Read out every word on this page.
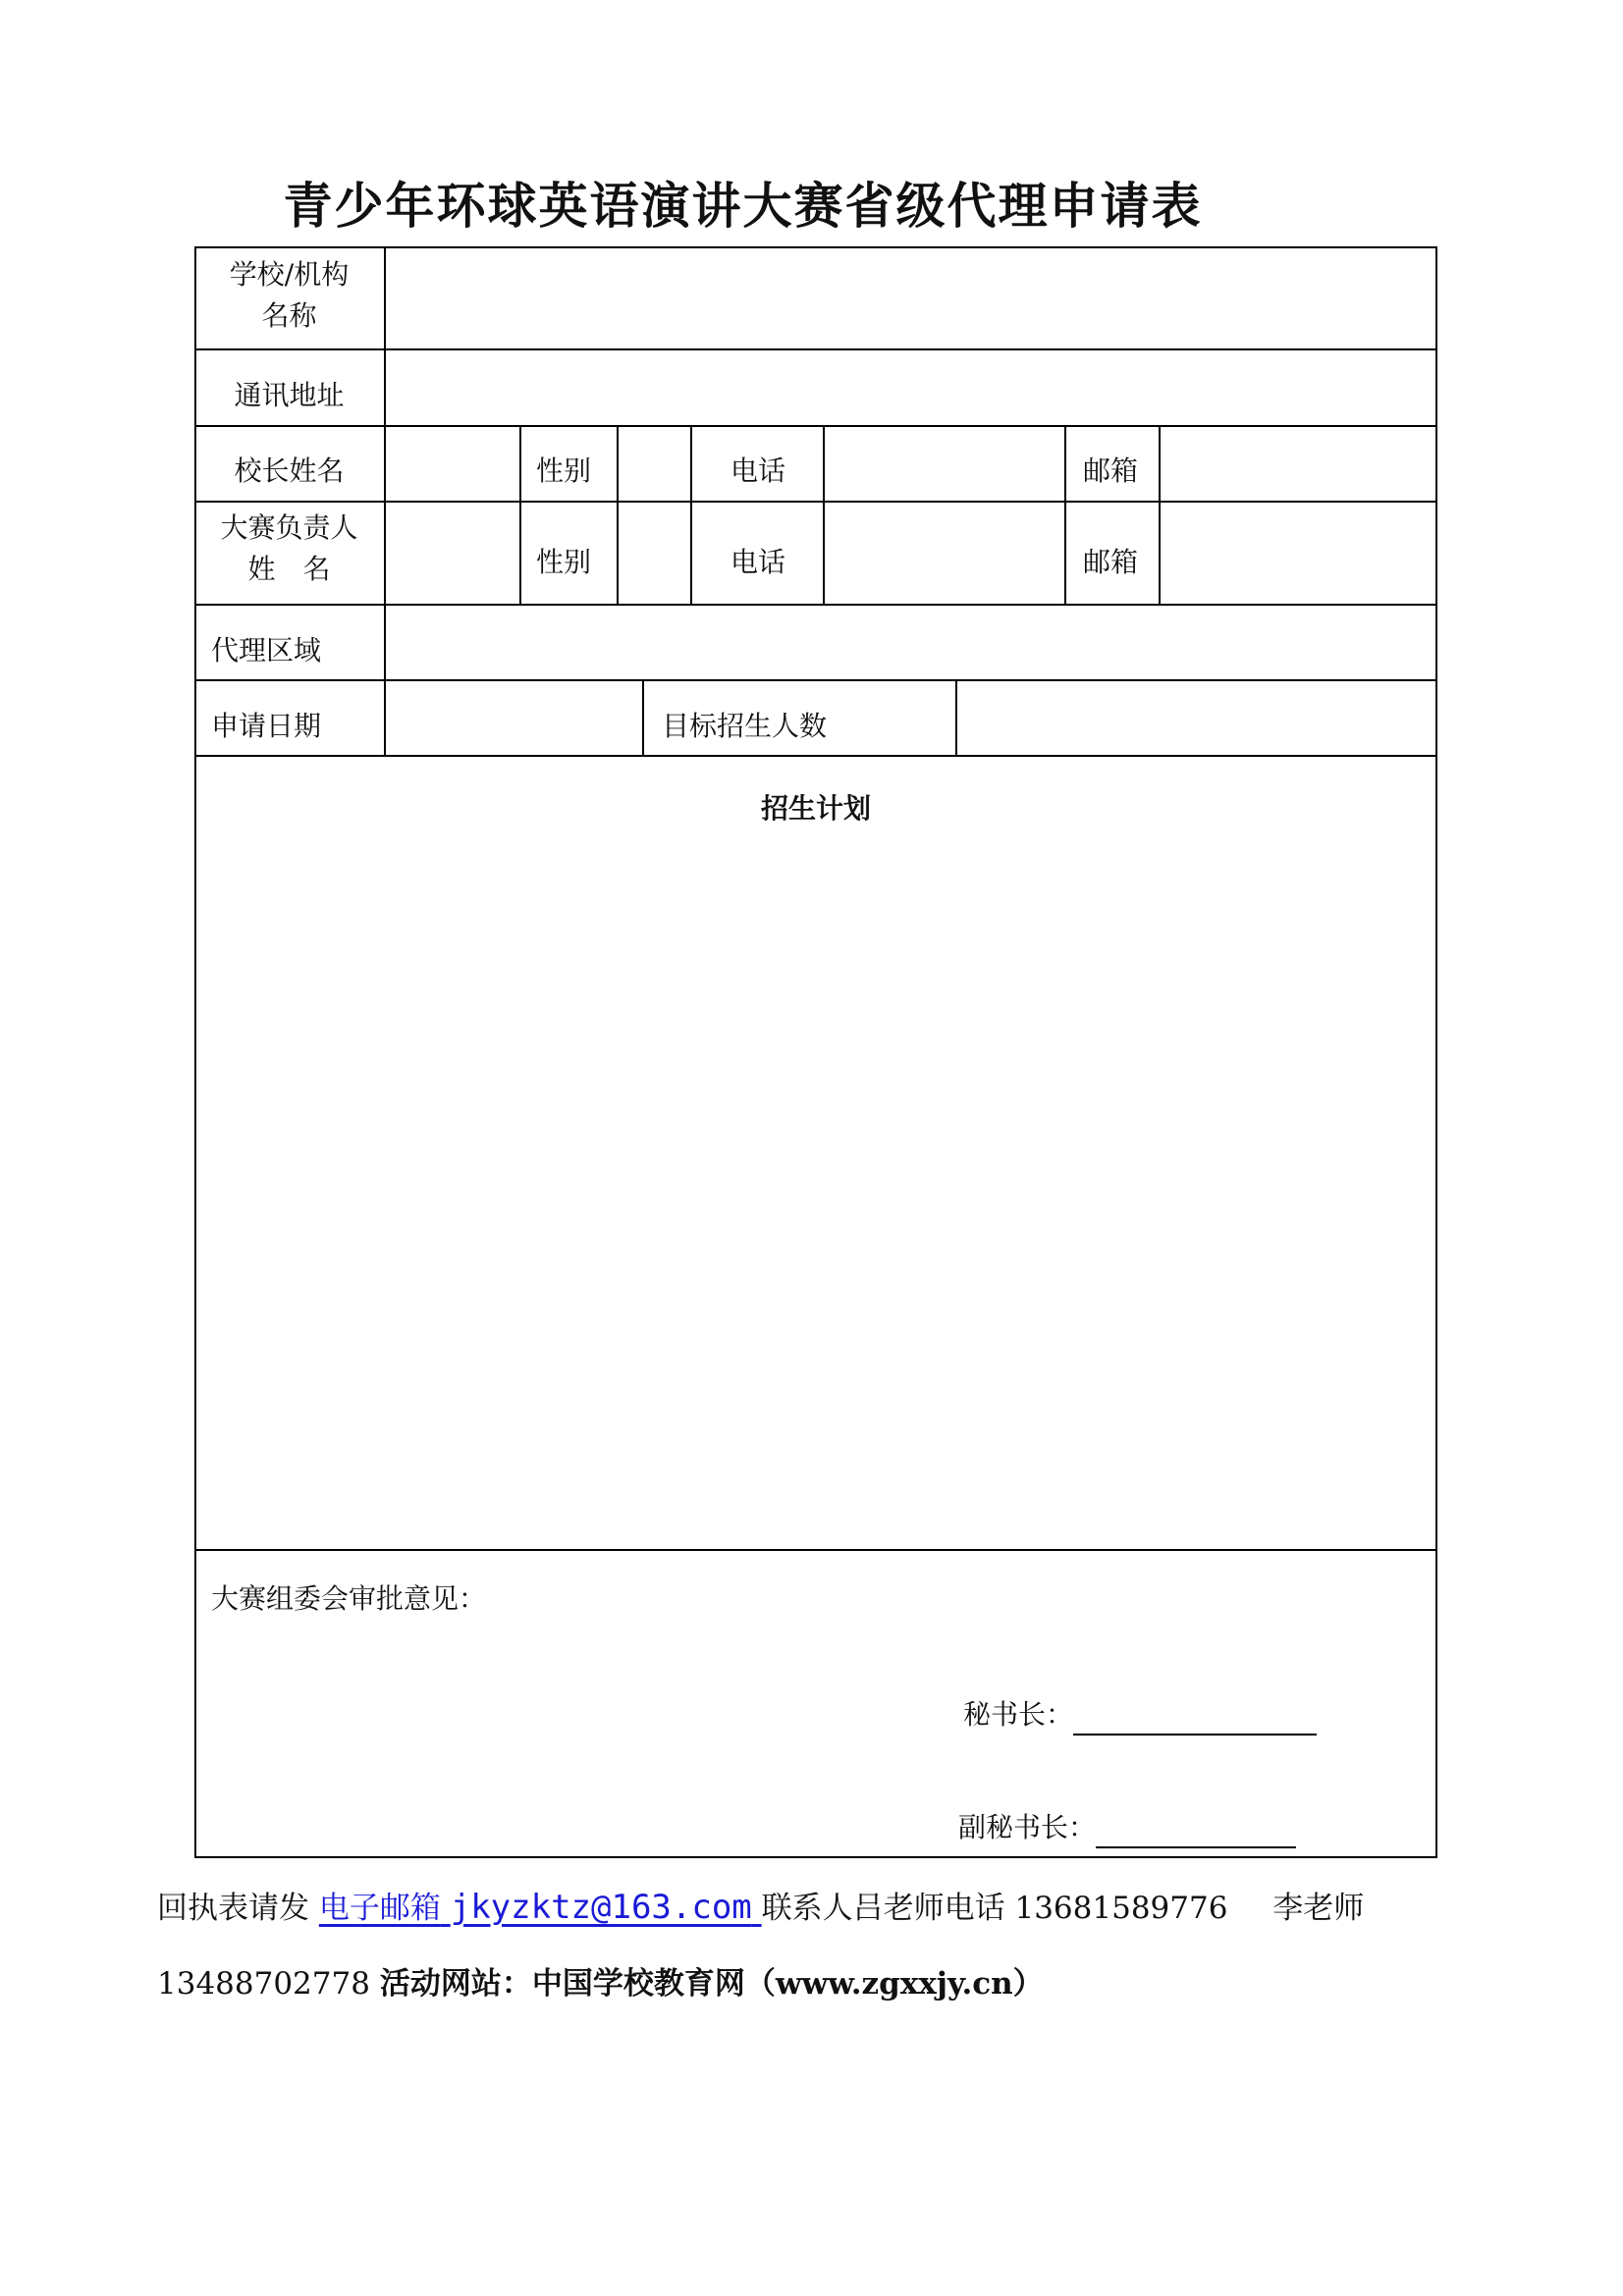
青少年环球英语演讲大赛省级代理申请表
学校/机构
名称
通讯地址
校长姓名	性别	电话	邮箱
大赛负责人
姓　名	性别	电话	邮箱
代理区域
申请日期	目标招生人数
招生计划
大赛组委会审批意见：
秘书长：
副秘书长：
回执表请发 电子邮箱 jkyzktz@163.com 联系人吕老师电话 13681589776 李老师
13488702778 活动网站：中国学校教育网（www.zgxxjy.cn）
